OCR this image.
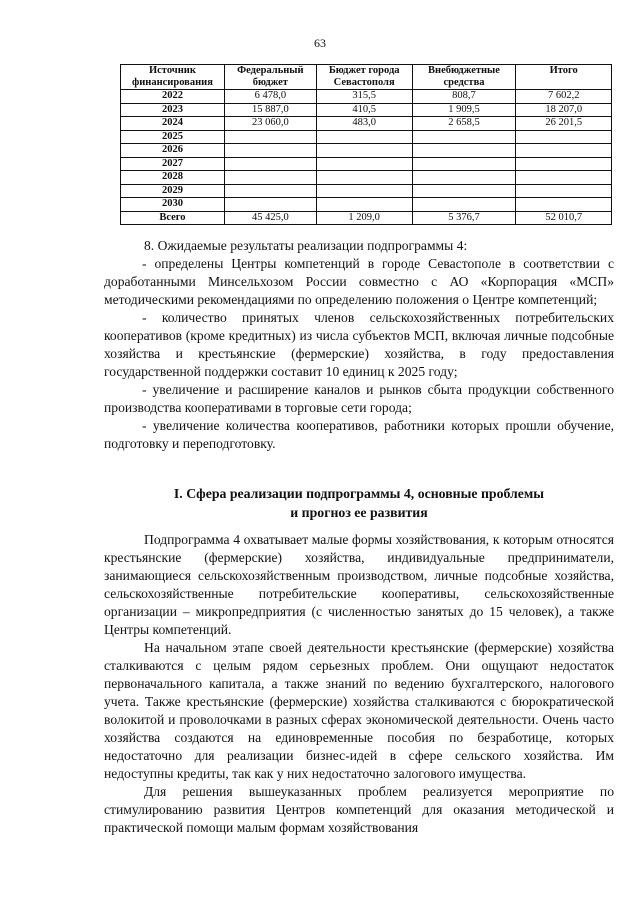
63
Источник финансирования	Федеральный бюджет	Бюджет города Севастополя	Внебюджетные средства	Итого
2022	6 478,0	315,5	808,7	7 602,2
2023	15 887,0	410,5	1 909,5	18 207,0
2024	23 060,0	483,0	2 658,5	26 201,5
2025				
2026				
2027				
2028				
2029				
2030				
Всего	45 425,0	1 209,0	5 376,7	52 010,7

8. Ожидаемые результаты реализации подпрограммы 4:

- определены Центры компетенций в городе Севастополе в соответствии с доработанными Минсельхозом России совместно с АО «Корпорация «МСП» методическими рекомендациями по определению положения о Центре компетенций;

- количество принятых членов сельскохозяйственных потребительских кооперативов (кроме кредитных) из числа субъектов МСП, включая личные подсобные хозяйства и крестьянские (фермерские) хозяйства, в году предоставления государственной поддержки составит 10 единиц к 2025 году;

- увеличение и расширение каналов и рынков сбыта продукции собственного производства кооперативами в торговые сети города;

- увеличение количества кооперативов, работники которых прошли обучение, подготовку и переподготовку.

I. Сфера реализации подпрограммы 4, основные проблемы
и прогноз ее развития

Подпрограмма 4 охватывает малые формы хозяйствования, к которым относятся крестьянские (фермерские) хозяйства, индивидуальные предприниматели, занимающиеся сельскохозяйственным производством, личные подсобные хозяйства, сельскохозяйственные потребительские кооперативы, сельскохозяйственные организации – микропредприятия (с численностью занятых до 15 человек), а также Центры компетенций.

На начальном этапе своей деятельности крестьянские (фермерские) хозяйства сталкиваются с целым рядом серьезных проблем. Они ощущают недостаток первоначального капитала, а также знаний по ведению бухгалтерского, налогового учета. Также крестьянские (фермерские) хозяйства сталкиваются с бюрократической волокитой и проволочками в разных сферах экономической деятельности. Очень часто хозяйства создаются на единовременные пособия по безработице, которых недостаточно для реализации бизнес-идей в сфере сельского хозяйства. Им недоступны кредиты, так как у них недостаточно залогового имущества.

Для решения вышеуказанных проблем реализуется мероприятие по стимулированию развития Центров компетенций для оказания методической и практической помощи малым формам хозяйствования
